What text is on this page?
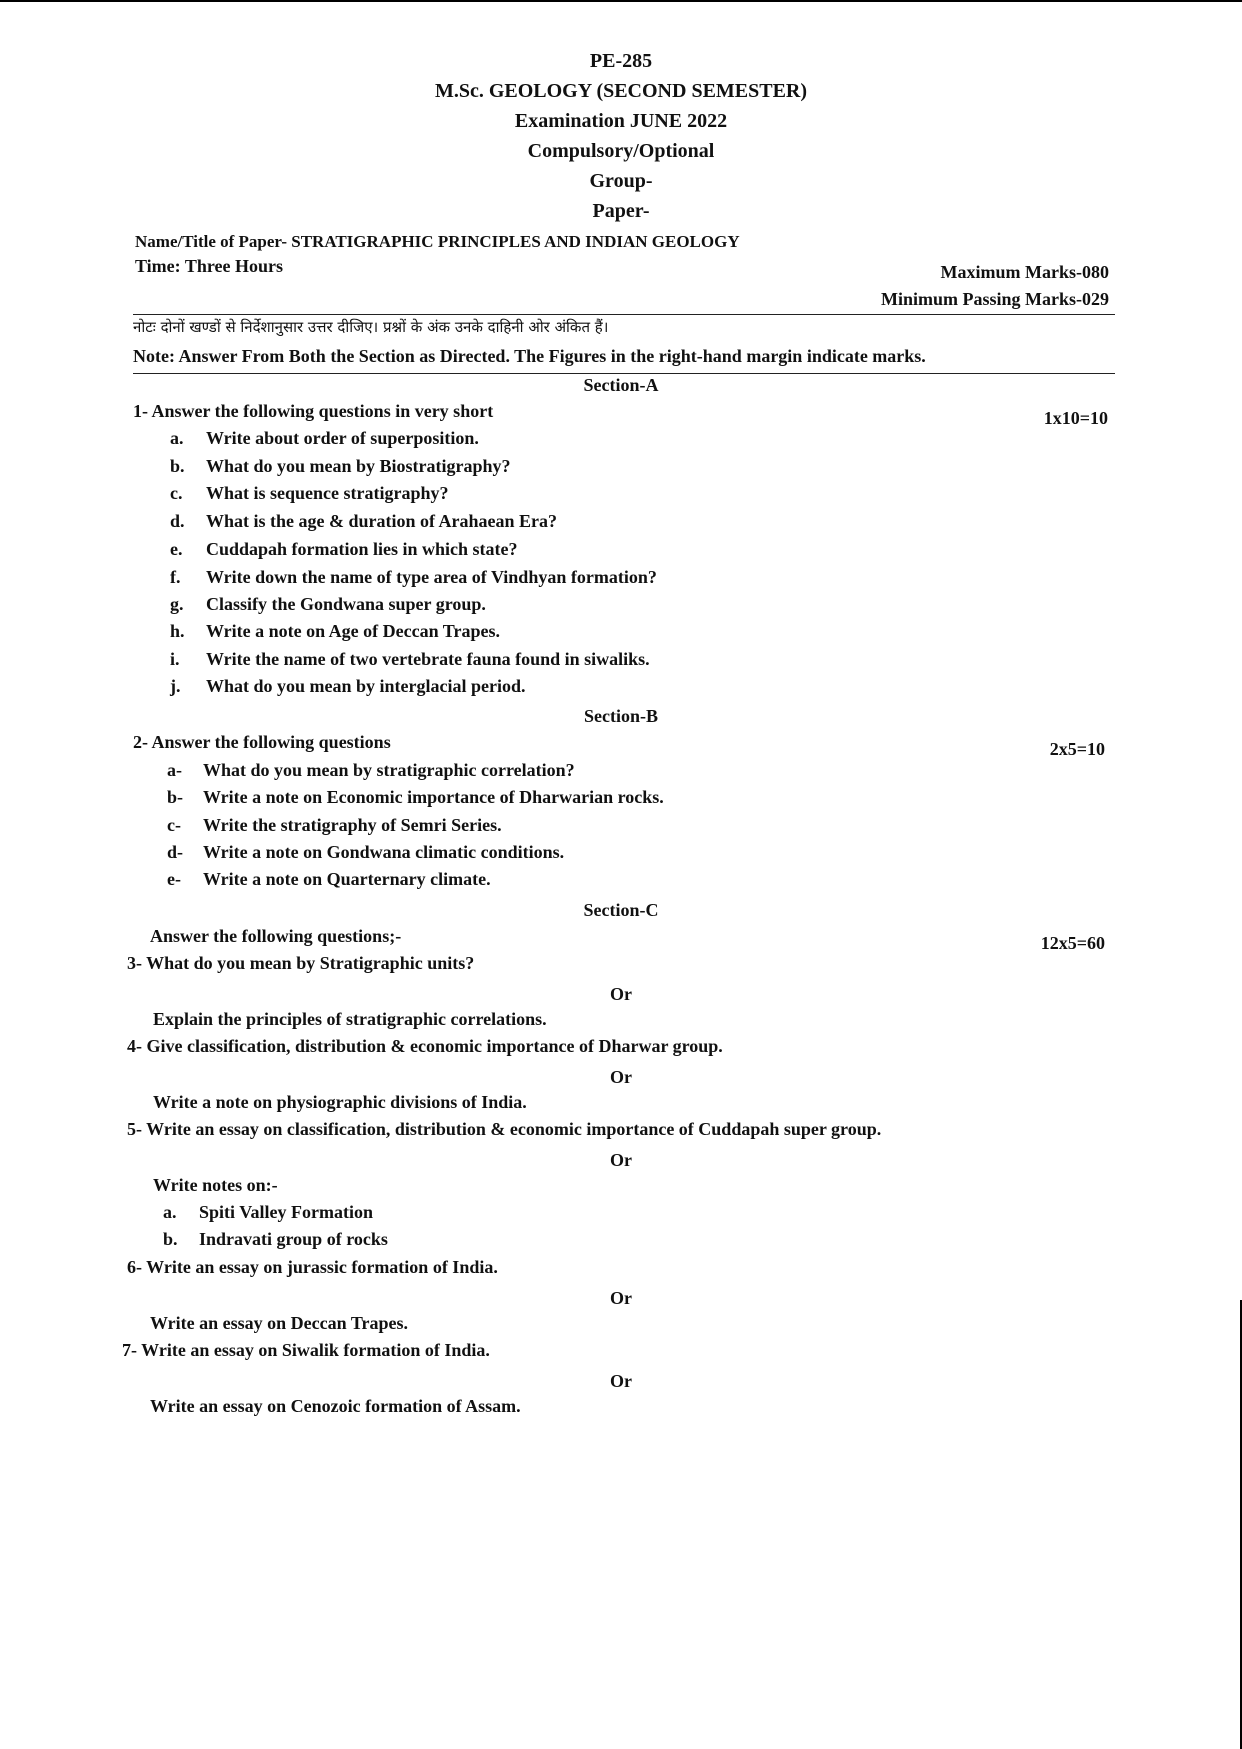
PE-285
M.Sc. GEOLOGY (SECOND SEMESTER)
Examination JUNE 2022
Compulsory/Optional
Group-
Paper-
Name/Title of Paper- STRATIGRAPHIC PRINCIPLES AND INDIAN GEOLOGY
Time: Three Hours	Maximum Marks-080
Minimum Passing Marks-029
नोटः दोनों खण्डों से निर्देशानुसार उत्तर दीजिए। प्रश्नों के अंक उनके दाहिनी ओर अंकित हैं।
Note: Answer From Both the Section as Directed. The Figures in the right-hand margin indicate marks.
Section-A
1- Answer the following questions in very short	1x10=10
a. Write about order of superposition.
b. What do you mean by Biostratigraphy?
c. What is sequence stratigraphy?
d. What is the age & duration of Arahaean Era?
e. Cuddapah formation lies in which state?
f. Write down the name of type area of Vindhyan formation?
g. Classify the Gondwana super group.
h. Write a note on Age of Deccan Trapes.
i. Write the name of two vertebrate fauna found in siwaliks.
j. What do you mean by interglacial period.
Section-B
2- Answer the following questions	2x5=10
a- What do you mean by stratigraphic correlation?
b- Write a note on Economic importance of Dharwarian rocks.
c- Write the stratigraphy of Semri Series.
d- Write a note on Gondwana climatic conditions.
e- Write a note on Quarternary climate.
Section-C
Answer the following questions;-	12x5=60
3- What do you mean by Stratigraphic units?
Or
Explain the principles of stratigraphic correlations.
4- Give classification, distribution & economic importance of Dharwar group.
Or
Write a note on physiographic divisions of India.
5- Write an essay on classification, distribution & economic importance of Cuddapah super group.
Or
Write notes on:-
a. Spiti Valley Formation
b. Indravati group of rocks
6- Write an essay on jurassic formation of India.
Or
Write an essay on Deccan Trapes.
7- Write an essay on Siwalik formation of India.
Or
Write an essay on Cenozoic formation of Assam.
